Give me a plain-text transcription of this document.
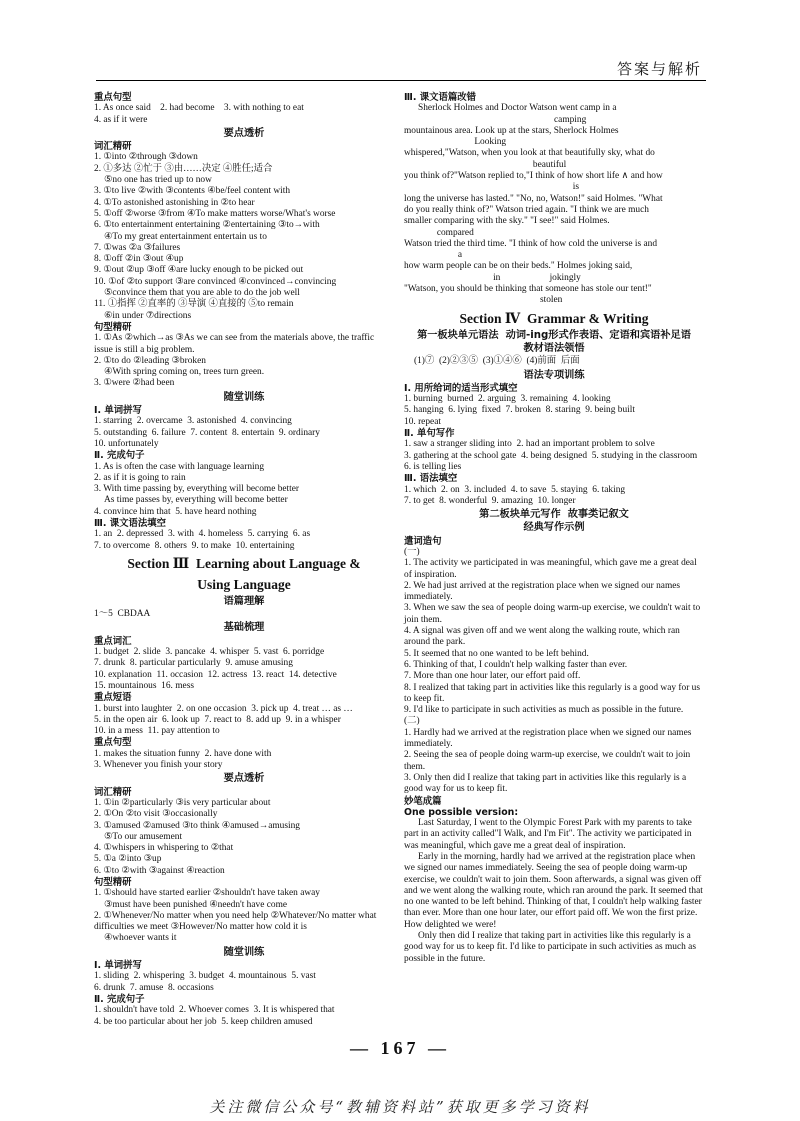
答案与解析
重点句型
1. As once said    2. had become    3. with nothing to eat
4. as if it were
要点透析
词汇精研
1. ①into ②through ③down
2. ①多达 ②忙于 ③由……决定 ④胜任;适合
⑤no one has tried up to now
3. ①to live ②with ③contents ④be/feel content with
4. ①To astonished astonishing in ②to hear
5. ①off ②worse ③from ④To make matters worse/What's worse
6. ①to entertainment entertaining ②entertaining ③to→with
④To my great entertainment entertain us to
7. ①was ②a ③failures
8. ①off ②in ③out ④up
9. ①out ②up ③off ④are lucky enough to be picked out
10. ①of ②to support ③are convinced ④convinced→convincing
⑤convince them that you are able to do the job well
11. ①指挥 ②直率的 ③导演 ④直接的 ⑤to remain
⑥in under ⑦directions
句型精研
1. ①As ②which→as ③As we can see from the materials above, the traffic issue is still a big problem.
2. ①to do ②leading ③broken
④With spring coming on, trees turn green.
3. ①were ②had been
随堂训练
Ⅰ. 单词拼写
1. starring  2. overcame  3. astonished  4. convincing
5. outstanding  6. failure  7. content  8. entertain  9. ordinary
10. unfortunately
Ⅱ. 完成句子
1. As is often the case with language learning
2. as if it is going to rain
3. With time passing by, everything will become better
As time passes by, everything will become better
4. convince him that  5. have heard nothing
Ⅲ. 课文语法填空
1. an  2. depressed  3. with  4. homeless  5. carrying  6. as
7. to overcome  8. others  9. to make  10. entertaining
Section Ⅲ  Learning about Language &
Using Language
语篇理解
1～5  CBDAA
基础梳理
重点词汇
1. budget  2. slide  3. pancake  4. whisper  5. vast  6. porridge
7. drunk  8. particular particularly  9. amuse amusing
10. explanation  11. occasion  12. actress  13. react  14. detective
15. mountainous  16. mess
重点短语
1. burst into laughter  2. on one occasion  3. pick up  4. treat … as …
5. in the open air  6. look up  7. react to  8. add up  9. in a whisper
10. in a mess  11. pay attention to
重点句型
1. makes the situation funny  2. have done with
3. Whenever you finish your story
要点透析
词汇精研
1. ①in ②particularly ③is very particular about
2. ①On ②to visit ③occasionally
3. ①amused ②amused ③to think ④amused→amusing
⑤To our amusement
4. ①whispers in whispering to ②that
5. ①a ②into ③up
6. ①to ②with ③against ④reaction
句型精研
1. ①should have started earlier ②shouldn't have taken away
③must have been punished ④needn't have come
2. ①Whenever/No matter when you need help ②Whatever/No matter what difficulties we meet ③However/No matter how cold it is
④whoever wants it
随堂训练
Ⅰ. 单词拼写
1. sliding  2. whispering  3. budget  4. mountainous  5. vast
6. drunk  7. amuse  8. occasions
Ⅱ. 完成句子
1. shouldn't have told  2. Whoever comes  3. It is whispered that
4. be too particular about her job  5. keep children amused
Ⅲ. 课文语篇改错
Sherlock Holmes and Doctor Watson went camp in a
camping
mountainous area. Look up at the stars, Sherlock Holmes
Looking
whispered,"Watson, when you look at that beautifully sky, what do
beautiful
you think of?"Watson replied to,"I think of how short life ∧ and how
is
long the universe has lasted." "No, no, Watson!" said Holmes. "What
do you really think of?" Watson tried again. "I think we are much
smaller comparing with the sky." "I see!" said Holmes.
compared
Watson tried the third time. "I think of how cold the universe is and
a
how warm people can be on their beds." Holmes joking said,
in                     jokingly
"Watson, you should be thinking that someone has stole our tent!"
stolen
Section Ⅳ  Grammar & Writing
第一板块单元语法  动词-ing形式作表语、定语和宾语补足语
教材语法领悟
(1)⑦  (2)②③⑤  (3)①④⑥  (4)前面  后面
语法专项训练
Ⅰ. 用所给词的适当形式填空
1. burning  burned  2. arguing  3. remaining  4. looking
5. hanging  6. lying  fixed  7. broken  8. staring  9. being built
10. repeat
Ⅱ. 单句写作
1. saw a stranger sliding into  2. had an important problem to solve
3. gathering at the school gate  4. being designed  5. studying in the classroom  6. is telling lies
Ⅲ. 语法填空
1. which  2. on  3. included  4. to save  5. staying  6. taking
7. to get  8. wonderful  9. amazing  10. longer
第二板块单元写作  故事类记叙文
经典写作示例
遣词造句
(一)
1. The activity we participated in was meaningful, which gave me a great deal of inspiration.
2. We had just arrived at the registration place when we signed our names immediately.
3. When we saw the sea of people doing warm-up exercise, we couldn't wait to join them.
4. A signal was given off and we went along the walking route, which ran around the park.
5. It seemed that no one wanted to be left behind.
6. Thinking of that, I couldn't help walking faster than ever.
7. More than one hour later, our effort paid off.
8. I realized that taking part in activities like this regularly is a good way for us to keep fit.
9. I'd like to participate in such activities as much as possible in the future.
(二)
1. Hardly had we arrived at the registration place when we signed our names immediately.
2. Seeing the sea of people doing warm-up exercise, we couldn't wait to join them.
3. Only then did I realize that taking part in activities like this regularly is a good way for us to keep fit.
妙笔成篇
One possible version:
Last Saturday, I went to the Olympic Forest Park with my parents to take part in an activity called"I Walk, and I'm Fit". The activity we participated in was meaningful, which gave me a great deal of inspiration.
Early in the morning, hardly had we arrived at the registration place when we signed our names immediately. Seeing the sea of people doing warm-up exercise, we couldn't wait to join them. Soon afterwards, a signal was given off and we went along the walking route, which ran around the park. It seemed that no one wanted to be left behind. Thinking of that, I couldn't help walking faster than ever. More than one hour later, our effort paid off. We won the first prize. How delighted we were!
Only then did I realize that taking part in activities like this regularly is a good way for us to keep fit. I'd like to participate in such activities as much as possible in the future.
— 167 —
关注微信公众号“教辅资料站”获取更多学习资料
